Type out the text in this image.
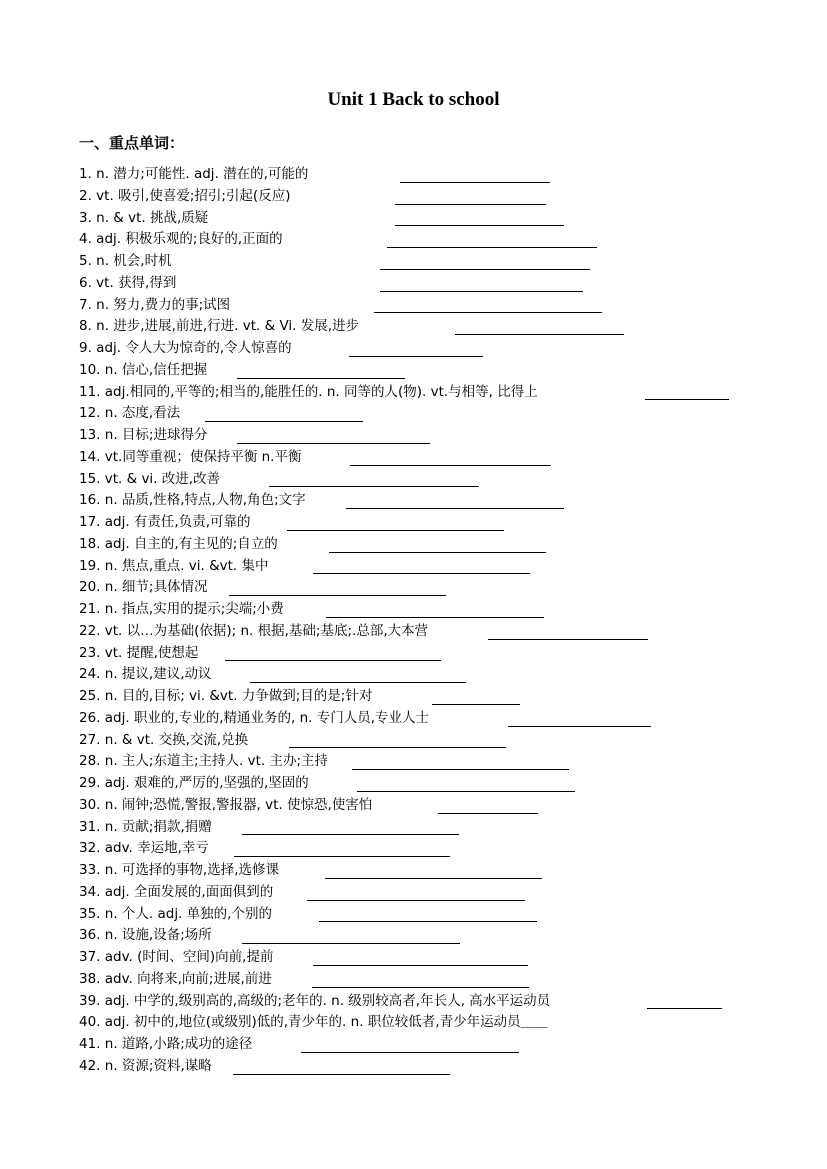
Unit 1 Back to school
一、重点单词：
1. n. 潜力;可能性. adj. 潜在的,可能的
2. vt. 吸引,使喜爱;招引;引起(反应)
3. n. & vt. 挑战,质疑
4. adj. 积极乐观的;良好的,正面的
5. n. 机会,时机
6. vt. 获得,得到
7. n. 努力,费力的事;试图
8. n. 进步,进展,前进,行进. vt. & Vi. 发展,进步
9. adj. 令人大为惊奇的,令人惊喜的
10. n. 信心,信任把握
11. adj.相同的,平等的;相当的,能胜任的. n. 同等的人(物). vt.与相等, 比得上
12. n. 态度,看法
13. n. 目标;进球得分
14. vt.同等重视；使保持平衡 n.平衡
15. vt. & vi. 改进,改善
16. n. 品质,性格,特点,人物,角色;文字
17. adj. 有责任,负责,可靠的
18. adj. 自主的,有主见的;自立的
19. n. 焦点,重点. vi. &vt. 集中
20. n. 细节;具体情况
21. n. 指点,实用的提示;尖端;小费
22. vt. 以…为基础(依据); n. 根据,基础;基底;.总部,大本营
23. vt. 提醒,使想起
24. n. 提议,建议,动议
25. n. 目的,目标; vi. &vt. 力争做到;目的是;针对
26. adj. 职业的,专业的,精通业务的, n. 专门人员,专业人士
27. n. & vt. 交换,交流,兑换
28. n. 主人;东道主;主持人. vt. 主办;主持
29. adj. 艰难的,严厉的,坚强的,坚固的
30. n. 闹钟;恐慌,警报,警报器, vt. 使惊恐,使害怕
31. n. 贡献;捐款,捐赠
32. adv. 幸运地,幸亏
33. n. 可选择的事物,选择,选修课
34. adj. 全面发展的,面面俱到的
35. n. 个人. adj. 单独的,个别的
36. n. 设施,设备;场所
37. adv. (时间、空间)向前,提前
38. adv. 向将来,向前;进展,前进
39. adj. 中学的,级别高的,高级的;老年的. n. 级别较高者,年长人, 高水平运动员
40. adj. 初中的,地位(或级别)低的,青少年的. n. 职位较低者,青少年运动员＿＿
41. n. 道路,小路;成功的途径
42. n. 资源;资料,谋略
